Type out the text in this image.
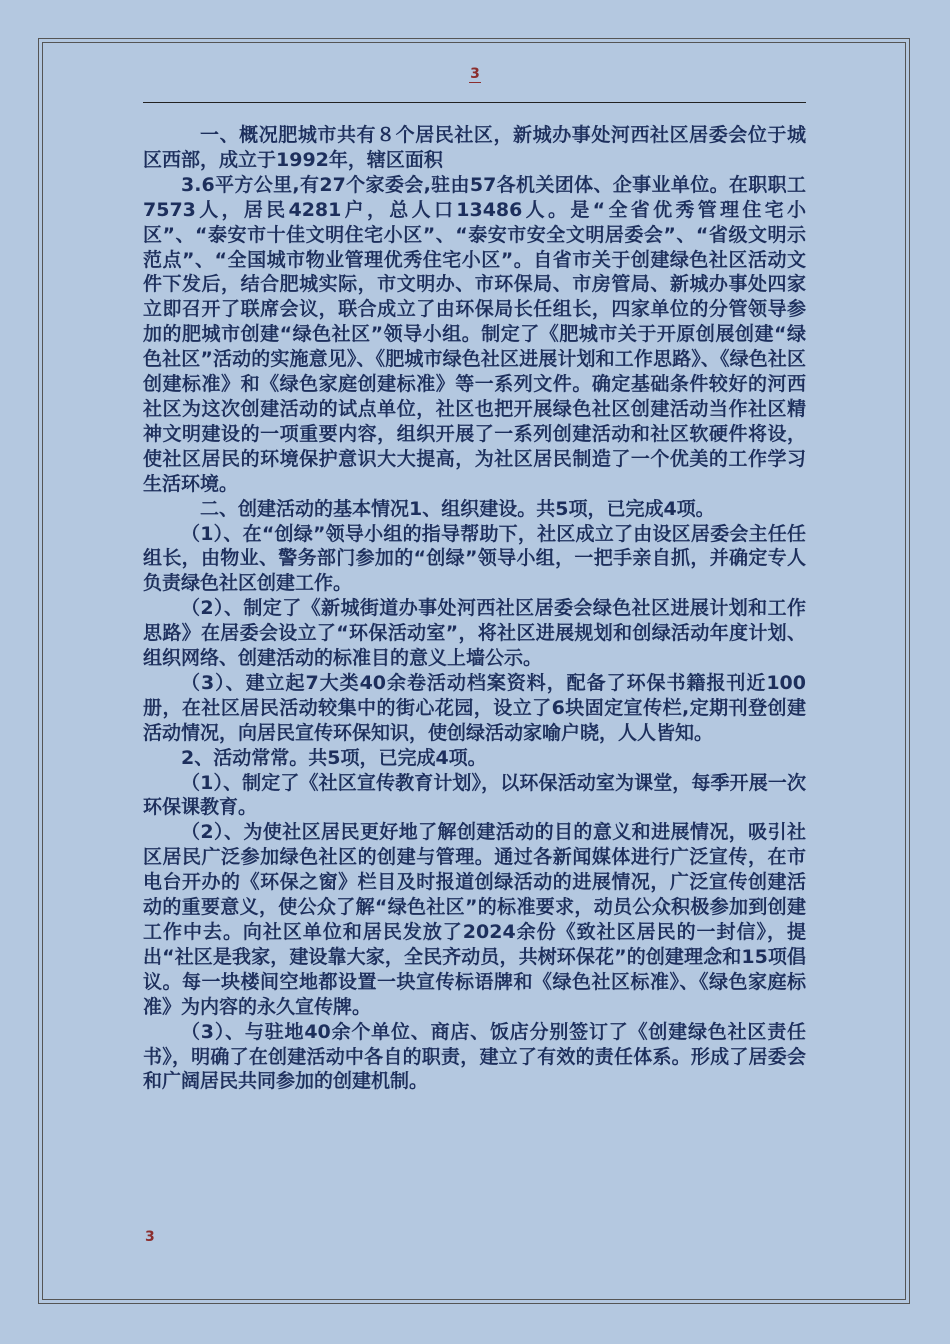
3

一、概况肥城市共有８个居民社区，新城办事处河西社区居委会位于城区西部，成立于1992年，辖区面积

3.6平方公里,有27个家委会,驻由57各机关团体、企事业单位。在职职工7573人，居民4281户，总人口13486人。是“全省优秀管理住宅小区”、“泰安市十佳文明住宅小区”、“泰安市安全文明居委会”、“省级文明示范点”、“全国城市物业管理优秀住宅小区”。自省市关于创建绿色社区活动文件下发后，结合肥城实际，市文明办、市环保局、市房管局、新城办事处四家立即召开了联席会议，联合成立了由环保局长任组长，四家单位的分管领导参加的肥城市创建“绿色社区”领导小组。制定了《肥城市关于开原创展创建“绿色社区”活动的实施意见》、《肥城市绿色社区进展计划和工作思路》、《绿色社区创建标准》和《绿色家庭创建标准》等一系列文件。确定基础条件较好的河西社区为这次创建活动的试点单位，社区也把开展绿色社区创建活动当作社区精神文明建设的一项重要内容，组织开展了一系列创建活动和社区软硬件将设，使社区居民的环境保护意识大大提高，为社区居民制造了一个优美的工作学习生活环境。

二、创建活动的基本情况1、组织建设。共5项，已完成4项。

（1）、在“创绿”领导小组的指导帮助下，社区成立了由设区居委会主任任组长，由物业、警务部门参加的“创绿”领导小组，一把手亲自抓，并确定专人负责绿色社区创建工作。

（2）、制定了《新城街道办事处河西社区居委会绿色社区进展计划和工作思路》在居委会设立了“环保活动室”，将社区进展规划和创绿活动年度计划、组织网络、创建活动的标准目的意义上墙公示。

（3）、建立起7大类40余卷活动档案资料，配备了环保书籍报刊近100册，在社区居民活动较集中的街心花园，设立了6块固定宣传栏,定期刊登创建活动情况，向居民宣传环保知识，使创绿活动家喻户晓，人人皆知。

2、活动常常。共5项，已完成4项。

（1）、制定了《社区宣传教育计划》，以环保活动室为课堂，每季开展一次环保课教育。

（2）、为使社区居民更好地了解创建活动的目的意义和进展情况，吸引社区居民广泛参加绿色社区的创建与管理。通过各新闻媒体进行广泛宣传，在市电台开办的《环保之窗》栏目及时报道创绿活动的进展情况，广泛宣传创建活动的重要意义，使公众了解“绿色社区”的标准要求，动员公众积极参加到创建工作中去。向社区单位和居民发放了2024余份《致社区居民的一封信》，提出“社区是我家，建设靠大家，全民齐动员，共树环保花”的创建理念和15项倡议。每一块楼间空地都设置一块宣传标语牌和《绿色社区标准》、《绿色家庭标准》为内容的永久宣传牌。

（3）、与驻地40余个单位、商店、饭店分别签订了《创建绿色社区责任书》，明确了在创建活动中各自的职责，建立了有效的责任体系。形成了居委会和广阔居民共同参加的创建机制。

3
